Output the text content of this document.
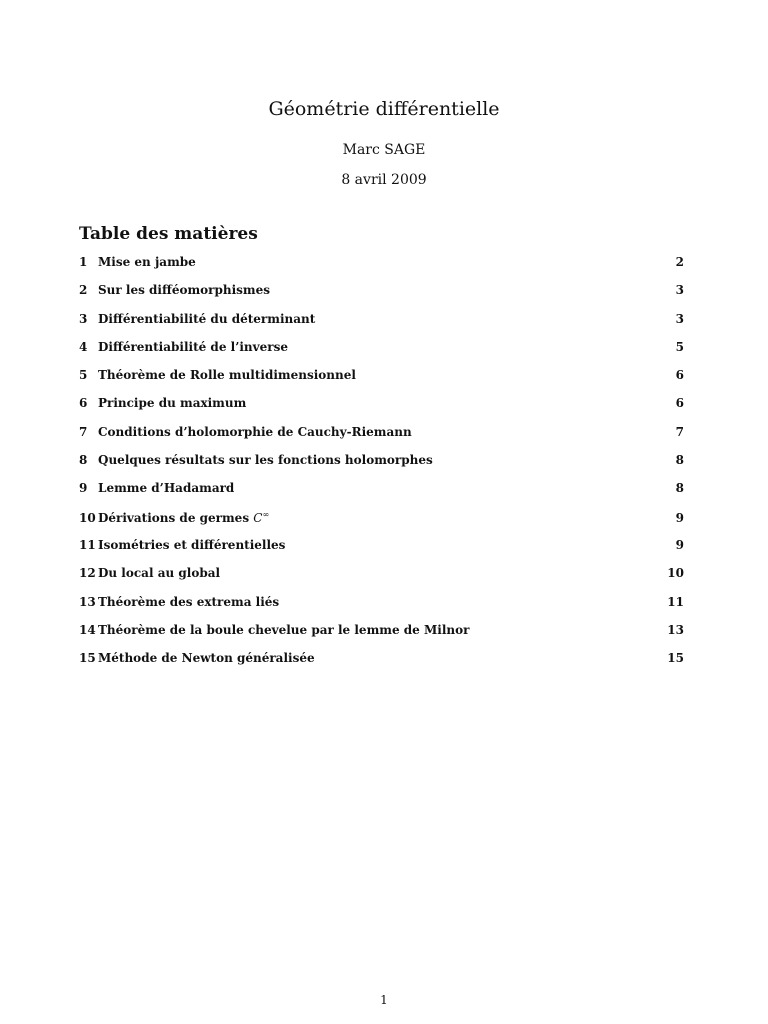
Géométrie différentielle
Marc SAGE
8 avril 2009
Table des matières
1 Mise en jambe	2
2 Sur les difféomorphismes	3
3 Différentiabilité du déterminant	3
4 Différentiabilité de l’inverse	5
5 Théorème de Rolle multidimensionnel	6
6 Principe du maximum	6
7 Conditions d’holomorphie de Cauchy-Riemann	7
8 Quelques résultats sur les fonctions holomorphes	8
9 Lemme d’Hadamard	8
10 Dérivations de germes C∞	9
11 Isométries et différentielles	9
12 Du local au global	10
13 Théorème des extrema liés	11
14 Théorème de la boule chevelue par le lemme de Milnor	13
15 Méthode de Newton généralisée	15
1
